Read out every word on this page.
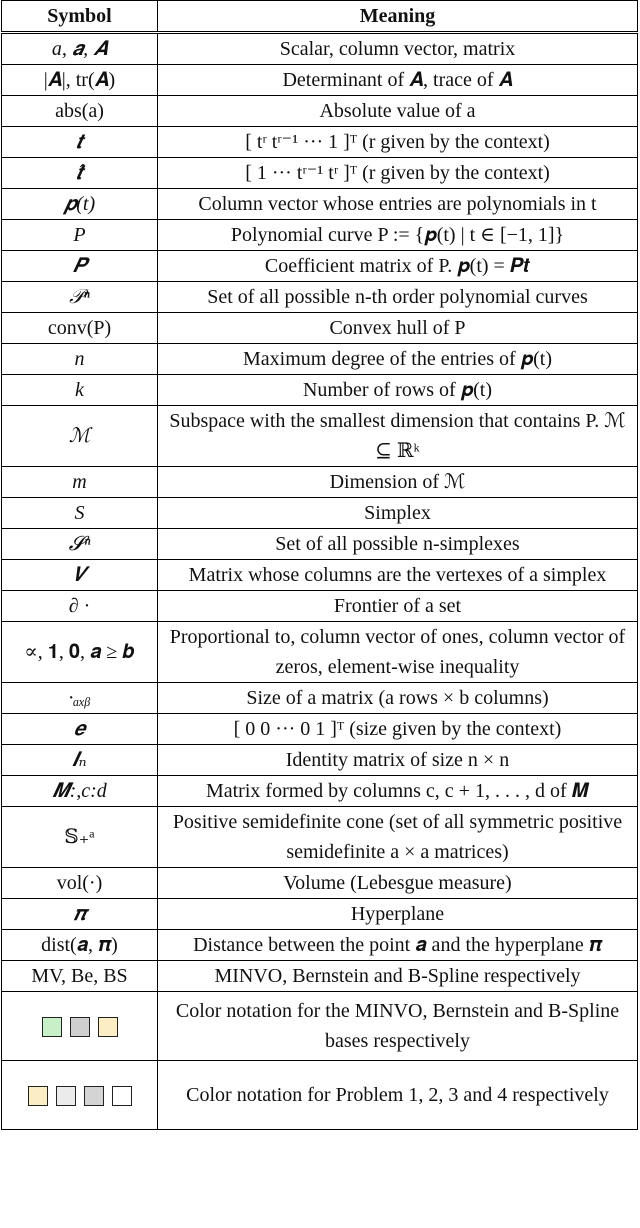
Symbol	Meaning
a, 𝒂, 𝑨	Scalar, column vector, matrix
|𝑨|, tr(𝑨)	Determinant of 𝑨, trace of 𝑨
abs(a)	Absolute value of a
𝒕	[ tʳ tʳ⁻¹ ··· 1 ]ᵀ (r given by the context)
𝒕̂	[ 1 ··· tʳ⁻¹ tʳ ]ᵀ (r given by the context)
𝒑(t)	Column vector whose entries are polynomials in t
P	Polynomial curve P := {𝒑(t) | t ∈ [−1, 1]}
𝑷	Coefficient matrix of P. 𝒑(t) = 𝑷𝒕
𝒫ⁿ	Set of all possible n-th order polynomial curves
conv(P)	Convex hull of P
n	Maximum degree of the entries of 𝒑(t)
k	Number of rows of 𝒑(t)
ℳ	Subspace with the smallest dimension that contains P. ℳ ⊆ ℝᵏ
m	Dimension of ℳ
S	Simplex
𝓢ⁿ	Set of all possible n-simplexes
𝑽	Matrix whose columns are the vertexes of a simplex
∂ ·	Frontier of a set
∝, 𝟏, 𝟎, 𝒂 ≥ 𝒃	Proportional to, column vector of ones, column vector of zeros, element-wise inequality
·ₐₓᵦ	Size of a matrix (a rows × b columns)
𝒆	[ 0 0 ··· 0 1 ]ᵀ (size given by the context)
𝑰ₙ	Identity matrix of size n × n
𝑴:,c:d	Matrix formed by columns c, c + 1, . . . , d of 𝑴
𝕊₊ᵃ	Positive semidefinite cone (set of all symmetric positive semidefinite a × a matrices)
vol(·)	Volume (Lebesgue measure)
𝝅	Hyperplane
dist(𝒂, 𝝅)	Distance between the point 𝒂 and the hyperplane 𝝅
MV, Be, BS	MINVO, Bernstein and B-Spline respectively

	Color notation for the MINVO, Bernstein and B-Spline bases respectively

	Color notation for Problem 1, 2, 3 and 4 respectively
